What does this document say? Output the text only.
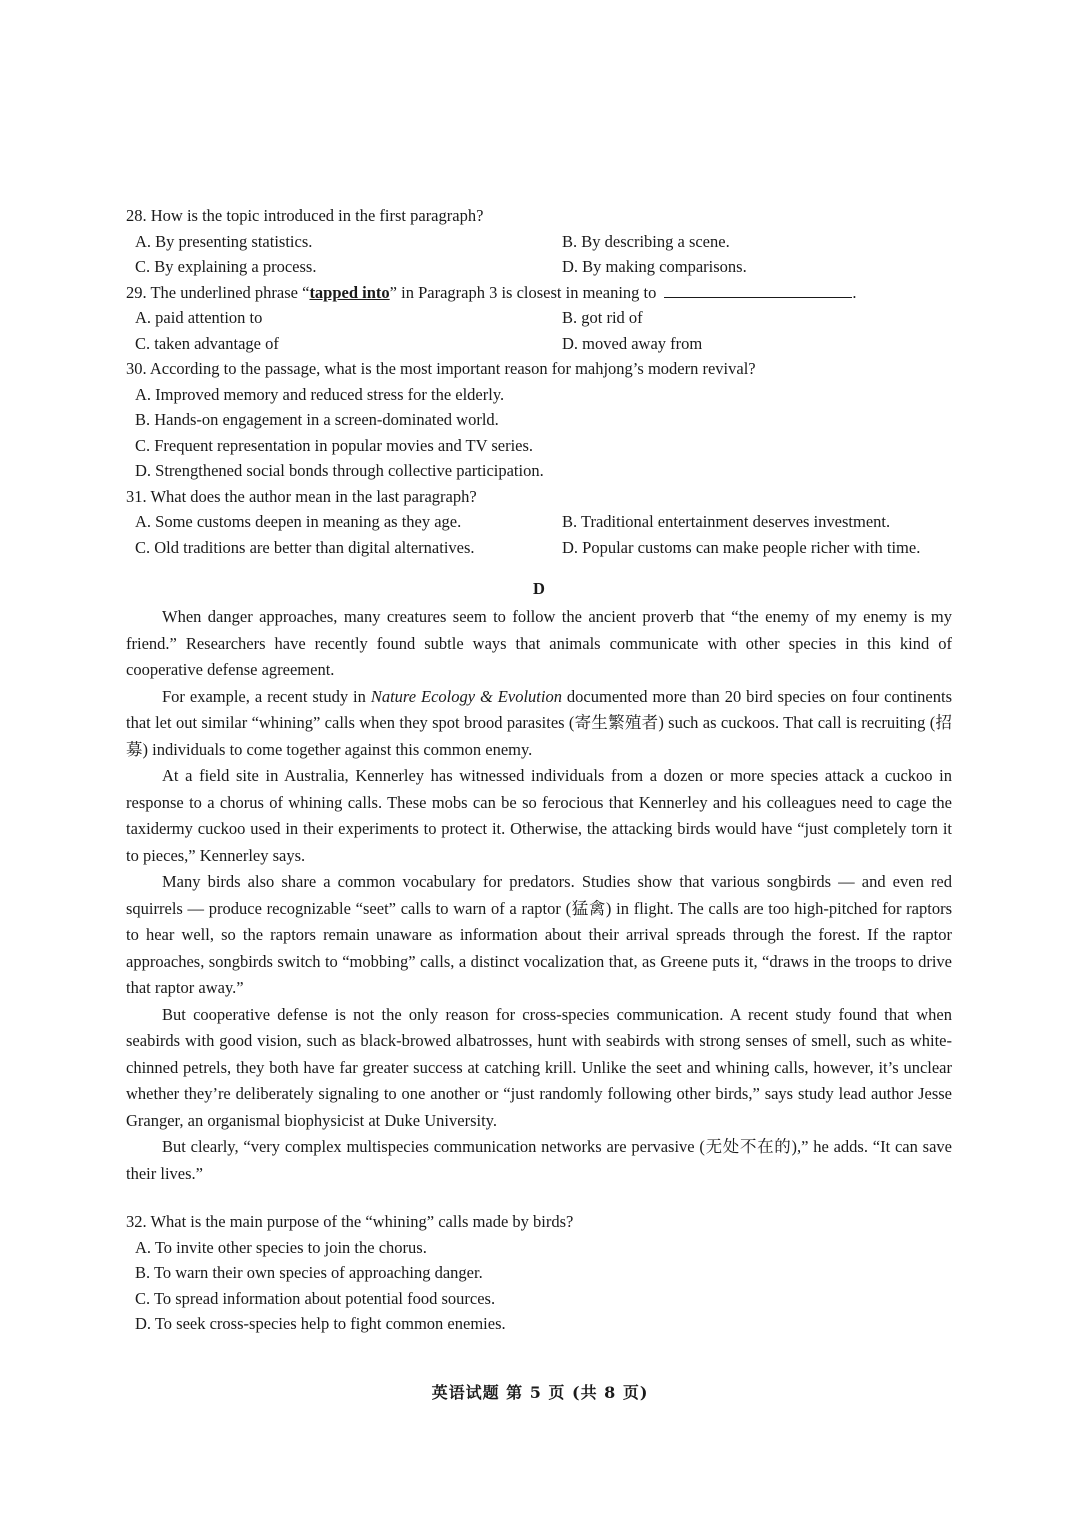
28. How is the topic introduced in the first paragraph?

A. By presenting statistics.	B. By describing a scene.
C. By explaining a process.	D. By making comparisons.

29. The underlined phrase “tapped into” in Paragraph 3 is closest in meaning to	.

A. paid attention to	B. got rid of
C. taken advantage of	D. moved away from

30. According to the passage, what is the most important reason for mahjong’s modern revival?

A. Improved memory and reduced stress for the elderly.
B. Hands-on engagement in a screen-dominated world.
C. Frequent representation in popular movies and TV series.
D. Strengthened social bonds through collective participation.

31. What does the author mean in the last paragraph?

A. Some customs deepen in meaning as they age.	B. Traditional entertainment deserves investment.
C. Old traditions are better than digital alternatives.	D. Popular customs can make people richer with time.
D

When danger approaches, many creatures seem to follow the ancient proverb that “the enemy of my enemy is my friend.” Researchers have recently found subtle ways that animals communicate with other species in this kind of cooperative defense agreement.

For example, a recent study in Nature Ecology & Evolution documented more than 20 bird species on four continents that let out similar “whining” calls when they spot brood parasites (寄生繁殖者) such as cuckoos. That call is recruiting (招募) individuals to come together against this common enemy.

At a field site in Australia, Kennerley has witnessed individuals from a dozen or more species attack a cuckoo in response to a chorus of whining calls. These mobs can be so ferocious that Kennerley and his colleagues need to cage the taxidermy cuckoo used in their experiments to protect it. Otherwise, the attacking birds would have “just completely torn it to pieces,” Kennerley says.

Many birds also share a common vocabulary for predators. Studies show that various songbirds — and even red squirrels — produce recognizable “seet” calls to warn of a raptor (猛禽) in flight. The calls are too high-pitched for raptors to hear well, so the raptors remain unaware as information about their arrival spreads through the forest. If the raptor approaches, songbirds switch to “mobbing” calls, a distinct vocalization that, as Greene puts it, “draws in the troops to drive that raptor away.”

But cooperative defense is not the only reason for cross-species communication. A recent study found that when seabirds with good vision, such as black-browed albatrosses, hunt with seabirds with strong senses of smell, such as white-chinned petrels, they both have far greater success at catching krill. Unlike the seet and whining calls, however, it’s unclear whether they’re deliberately signaling to one another or “just randomly following other birds,” says study lead author Jesse Granger, an organismal biophysicist at Duke University.

But clearly, “very complex multispecies communication networks are pervasive (无处不在的),” he adds. “It can save their lives.”

32. What is the main purpose of the “whining” calls made by birds?

A. To invite other species to join the chorus.
B. To warn their own species of approaching danger.
C. To spread information about potential food sources.
D. To seek cross-species help to fight common enemies.
英语试题 第 5 页 (共 8 页)
